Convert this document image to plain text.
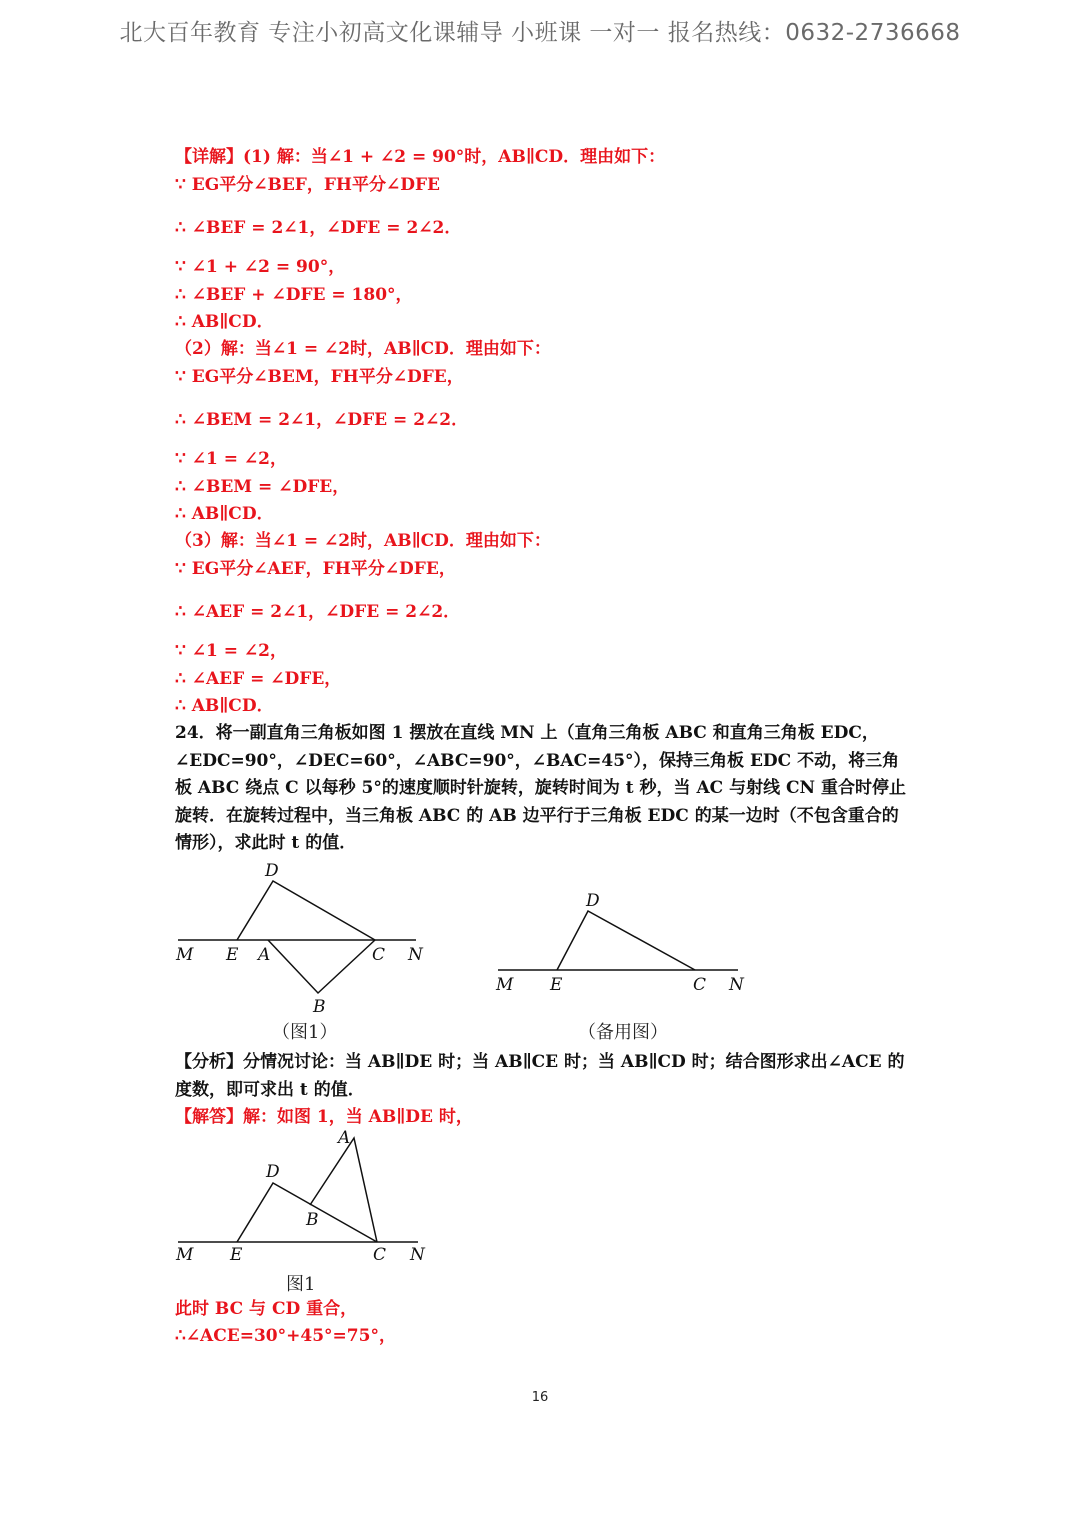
北大百年教育 专注小初高文化课辅导 小班课 一对一 报名热线：0632-2736668
【详解】(1) 解：当∠1 + ∠2 = 90°时，AB∥CD．理由如下：
∵ EG平分∠BEF，FH平分∠DFE
∴ ∠BEF = 2∠1，∠DFE = 2∠2．
∵ ∠1 + ∠2 = 90°，
∴ ∠BEF + ∠DFE = 180°，
∴ AB∥CD．
（2）解：当∠1 = ∠2时，AB∥CD．理由如下：
∵ EG平分∠BEM，FH平分∠DFE，
∴ ∠BEM = 2∠1，∠DFE = 2∠2．
∵ ∠1 = ∠2，
∴ ∠BEM = ∠DFE，
∴ AB∥CD．
（3）解：当∠1 = ∠2时，AB∥CD．理由如下：
∵ EG平分∠AEF，FH平分∠DFE，
∴ ∠AEF = 2∠1，∠DFE = 2∠2．
∵ ∠1 = ∠2，
∴ ∠AEF = ∠DFE，
∴ AB∥CD．
24．将一副直角三角板如图 1 摆放在直线 MN 上（直角三角板 ABC 和直角三角板 EDC，∠EDC=90°，∠DEC=60°，∠ABC=90°，∠BAC=45°），保持三角板 EDC 不动，将三角板 ABC 绕点 C 以每秒 5°的速度顺时针旋转，旋转时间为 t 秒，当 AC 与射线 CN 重合时停止旋转．在旋转过程中，当三角板 ABC 的 AB 边平行于三角板 EDC 的某一边时（不包含重合的情形），求此时 t 的值．
D
M E A	C N
B
（图1）
D
M E	C N
（备用图）
【分析】分情况讨论：当 AB∥DE 时；当 AB∥CE 时；当 AB∥CD 时；结合图形求出∠ACE 的度数，即可求出 t 的值．
【解答】解：如图 1，当 AB∥DE 时，
A
D
B
M E	C N
图1
此时 BC 与 CD 重合，
∴∠ACE=30°+45°=75°，
16
